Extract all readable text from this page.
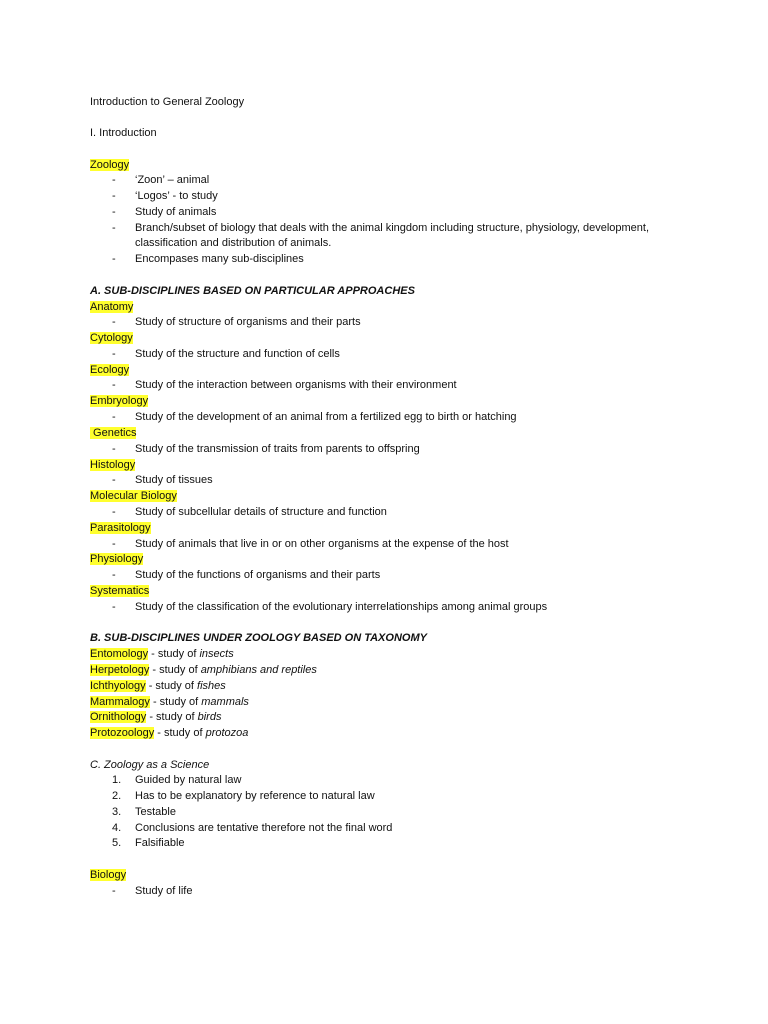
Introduction to General Zoology
I. Introduction
Zoology
- ‘Zoon’ – animal
- ‘Logos’ - to study
- Study of animals
- Branch/subset of biology that deals with the animal kingdom including structure, physiology, development,
classification and distribution of animals.
- Encompases many sub-disciplines
A. SUB-DISCIPLINES BASED ON PARTICULAR APPROACHES
Anatomy
- Study of structure of organisms and their parts
Cytology
- Study of the structure and function of cells
Ecology
- Study of the interaction between organisms with their environment
Embryology
- Study of the development of an animal from a fertilized egg to birth or hatching
Genetics
- Study of the transmission of traits from parents to offspring
Histology
- Study of tissues
Molecular Biology
- Study of subcellular details of structure and function
Parasitology
- Study of animals that live in or on other organisms at the expense of the host
Physiology
- Study of the functions of organisms and their parts
Systematics
- Study of the classification of the evolutionary interrelationships among animal groups
B. SUB-DISCIPLINES UNDER ZOOLOGY BASED ON TAXONOMY
Entomology - study of insects
Herpetology - study of amphibians and reptiles
Ichthyology - study of fishes
Mammalogy - study of mammals
Ornithology - study of birds
Protozoology - study of protozoa
C. Zoology as a Science
1. Guided by natural law
2. Has to be explanatory by reference to natural law
3. Testable
4. Conclusions are tentative therefore not the final word
5. Falsifiable
Biology
- Study of life
